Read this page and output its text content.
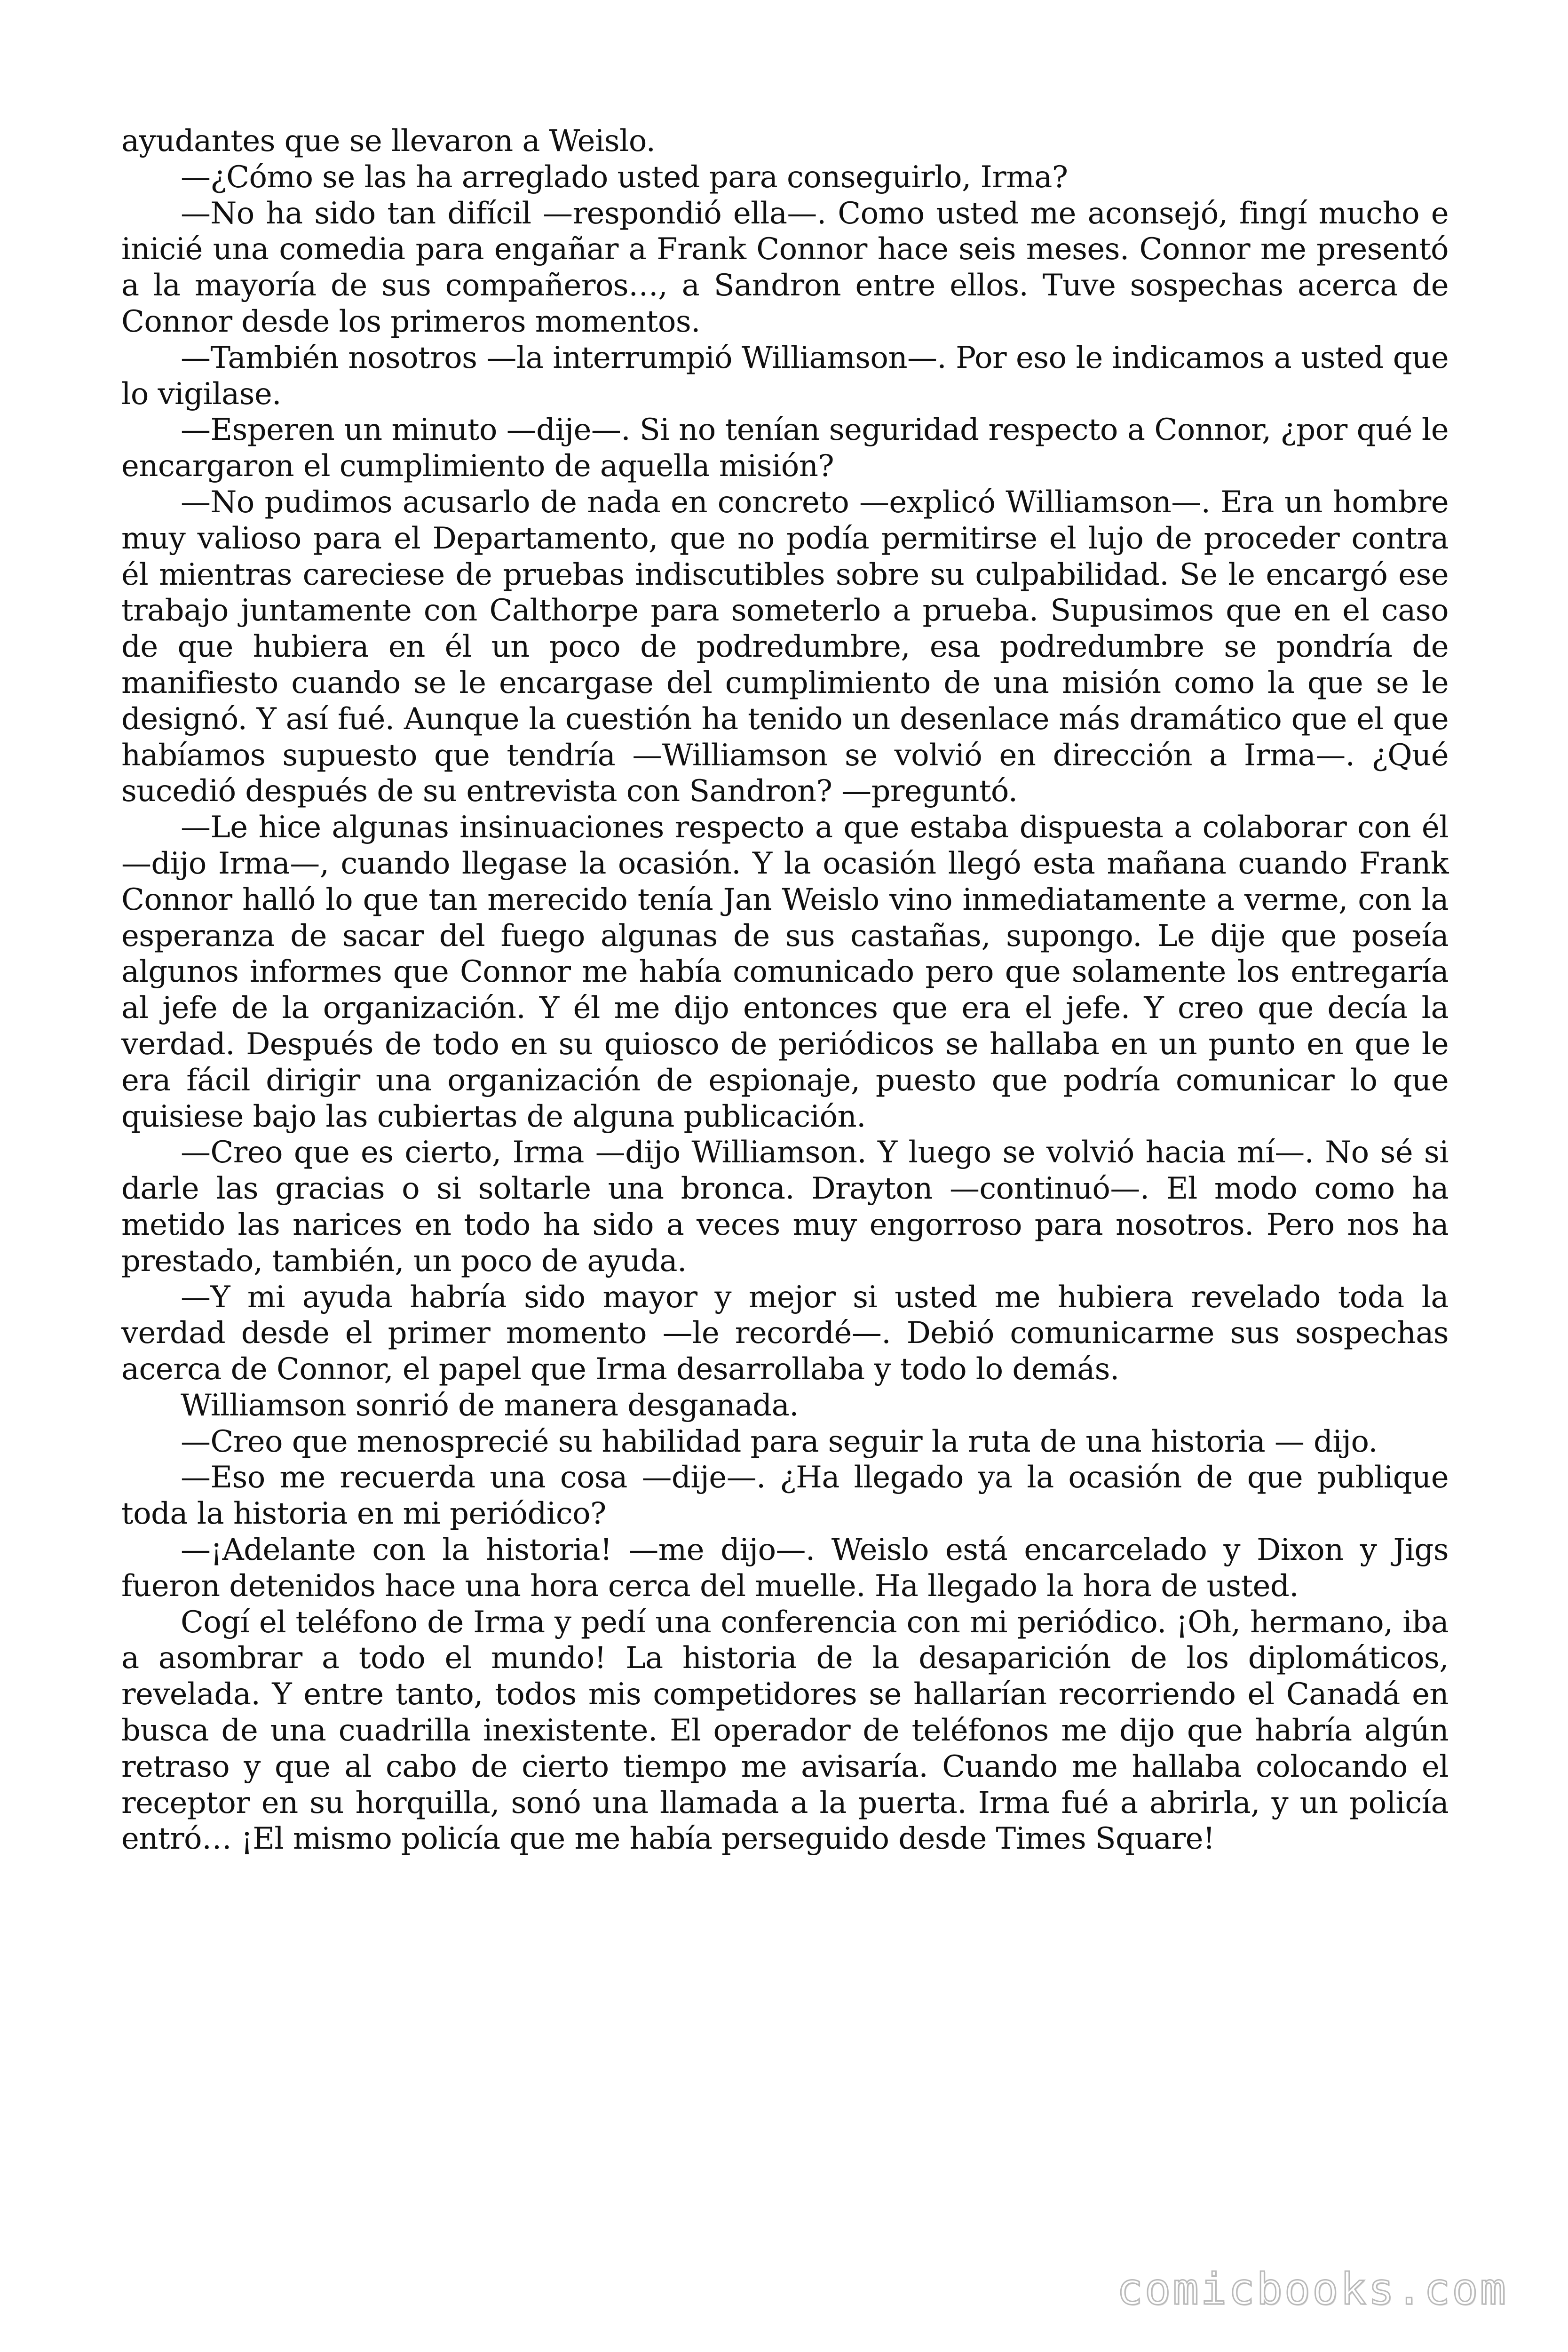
ayudantes que se llevaron a Weislo.

—¿Cómo se las ha arreglado usted para conseguirlo, Irma?

—No ha sido tan difícil —respondió ella—. Como usted me aconsejó, fingí mucho e inicié una comedia para engañar a Frank Connor hace seis meses. Connor me presentó a la mayoría de sus compañeros…, a Sandron entre ellos. Tuve sospechas acerca de Connor desde los primeros momentos.

—También nosotros —la interrumpió Williamson—. Por eso le indicamos a usted que lo vigilase.

—Esperen un minuto —dije—. Si no tenían seguridad respecto a Connor, ¿por qué le encargaron el cumplimiento de aquella misión?

—No pudimos acusarlo de nada en concreto —explicó Williamson—. Era un hombre muy valioso para el Departamento, que no podía permitirse el lujo de proceder contra él mientras careciese de pruebas indiscutibles sobre su culpabilidad. Se le encargó ese trabajo juntamente con Calthorpe para someterlo a prueba. Supusimos que en el caso de que hubiera en él un poco de podredumbre, esa podredumbre se pondría de manifiesto cuando se le encargase del cumplimiento de una misión como la que se le designó. Y así fué. Aunque la cuestión ha tenido un desenlace más dramático que el que habíamos supuesto que tendría —Williamson se volvió en dirección a Irma—. ¿Qué sucedió después de su entrevista con Sandron? —preguntó.

—Le hice algunas insinuaciones respecto a que estaba dispuesta a colaborar con él —dijo Irma—, cuando llegase la ocasión. Y la ocasión llegó esta mañana cuando Frank Connor halló lo que tan merecido tenía Jan Weislo vino inmediatamente a verme, con la esperanza de sacar del fuego algunas de sus castañas, supongo. Le dije que poseía algunos informes que Connor me había comunicado pero que solamente los entregaría al jefe de la organización. Y él me dijo entonces que era el jefe. Y creo que decía la verdad. Después de todo en su quiosco de periódicos se hallaba en un punto en que le era fácil dirigir una organización de espionaje, puesto que podría comunicar lo que quisiese bajo las cubiertas de alguna publicación.

—Creo que es cierto, Irma —dijo Williamson. Y luego se volvió hacia mí—. No sé si darle las gracias o si soltarle una bronca. Drayton —continuó—. El modo como ha metido las narices en todo ha sido a veces muy engorroso para nosotros. Pero nos ha prestado, también, un poco de ayuda.

—Y mi ayuda habría sido mayor y mejor si usted me hubiera revelado toda la verdad desde el primer momento —le recordé—. Debió comunicarme sus sospechas acerca de Connor, el papel que Irma desarrollaba y todo lo demás.

Williamson sonrió de manera desganada.

—Creo que menosprecié su habilidad para seguir la ruta de una historia — dijo.

—Eso me recuerda una cosa —dije—. ¿Ha llegado ya la ocasión de que publique toda la historia en mi periódico?

—¡Adelante con la historia! —me dijo—. Weislo está encarcelado y Dixon y Jigs fueron detenidos hace una hora cerca del muelle. Ha llegado la hora de usted.

Cogí el teléfono de Irma y pedí una conferencia con mi periódico. ¡Oh, hermano, iba a asombrar a todo el mundo! La historia de la desaparición de los diplomáticos, revelada. Y entre tanto, todos mis competidores se hallarían recorriendo el Canadá en busca de una cuadrilla inexistente. El operador de teléfonos me dijo que habría algún retraso y que al cabo de cierto tiempo me avisaría. Cuando me hallaba colocando el receptor en su horquilla, sonó una llamada a la puerta. Irma fué a abrirla, y un policía entró… ¡El mismo policía que me había perseguido desde Times Square!

comicbooks.com
